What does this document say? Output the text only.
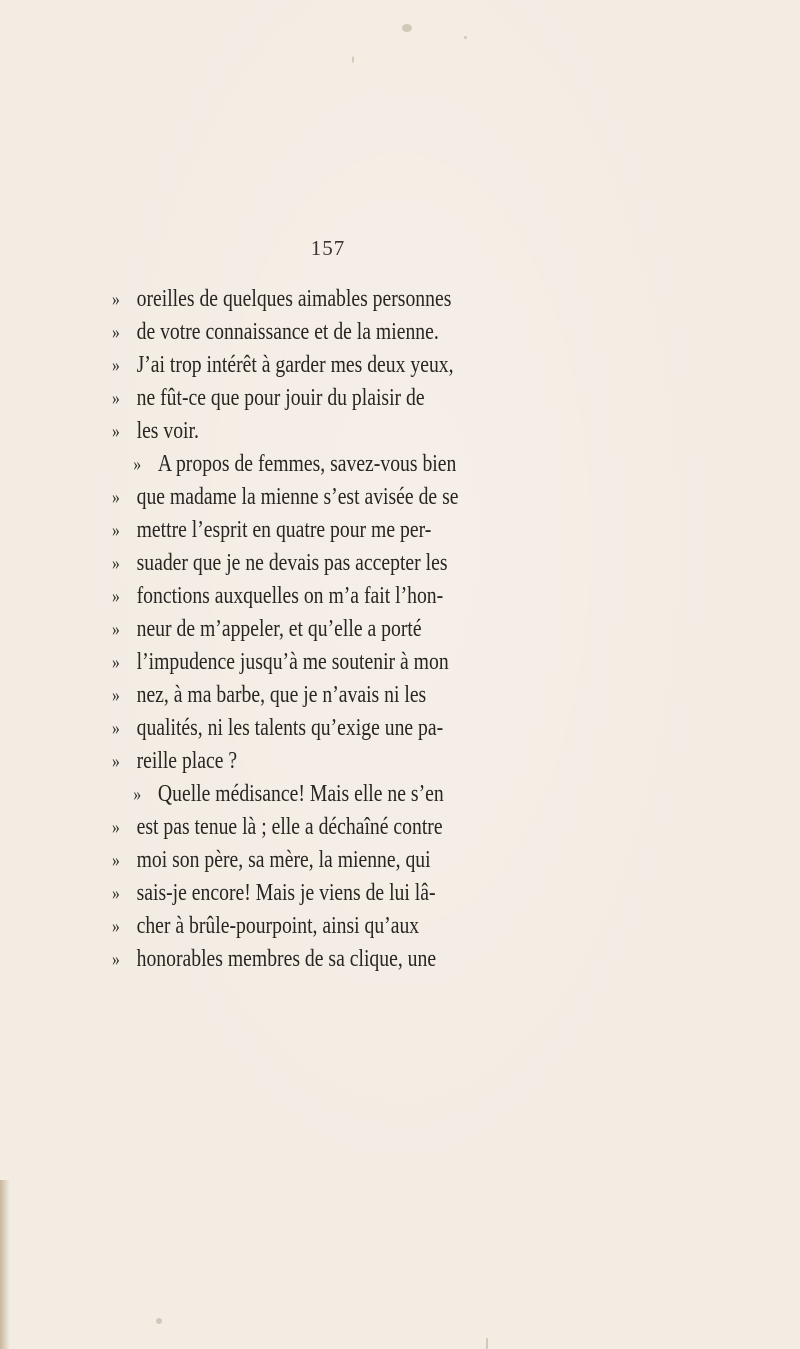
157
» oreilles de quelques aimables personnes
» de votre connaissance et de la mienne.
» J’ai trop intérêt à garder mes deux yeux,
» ne fût-ce que pour jouir du plaisir de
» les voir.
» A propos de femmes, savez-vous bien
» que madame la mienne s’est avisée de se
» mettre l’esprit en quatre pour me per-
» suader que je ne devais pas accepter les
» fonctions auxquelles on m’a fait l’hon-
» neur de m’appeler, et qu’elle a porté
» l’impudence jusqu’à me soutenir à mon
» nez, à ma barbe, que je n’avais ni les
» qualités, ni les talents qu’exige une pa-
» reille place ?
» Quelle médisance! Mais elle ne s’en
» est pas tenue là ; elle a déchaîné contre
» moi son père, sa mère, la mienne, qui
» sais-je encore! Mais je viens de lui lâ-
» cher à brûle-pourpoint, ainsi qu’aux
» honorables membres de sa clique, une
